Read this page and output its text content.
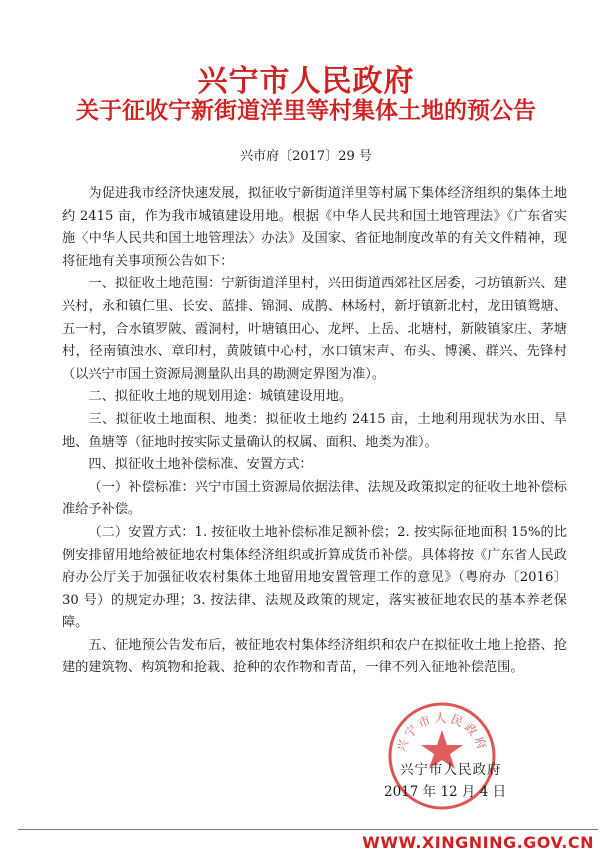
兴宁市人民政府
关于征收宁新街道洋里等村集体土地的预公告
兴市府〔2017〕29 号

为促进我市经济快速发展，拟征收宁新街道洋里等村属下集体经济组织的集体土地约 2415 亩，作为我市城镇建设用地。根据《中华人民共和国土地管理法》《广东省实施〈中华人民共和国土地管理法〉办法》及国家、省征地制度改革的有关文件精神，现将征地有关事项预公告如下：

一、拟征收土地范围：宁新街道洋里村，兴田街道西郊社区居委，刁坊镇新兴、建兴村，永和镇仁里、长安、蓝排、锦洞、成鹊、林场村，新圩镇新北村，龙田镇鸳塘、五一村，合水镇罗陂、霞洞村，叶塘镇田心、龙坪、上岳、北塘村，新陂镇家庄、茅塘村，径南镇浊水、章印村，黄陂镇中心村，水口镇宋声、布头、博溪、群兴、先锋村（以兴宁市国土资源局测量队出具的勘测定界图为准）。

二、拟征收土地的规划用途：城镇建设用地。

三、拟征收土地面积、地类：拟征收土地约 2415 亩，土地利用现状为水田、旱地、鱼塘等（征地时按实际丈量确认的权属、面积、地类为准）。

四、拟征收土地补偿标准、安置方式：

（一）补偿标准：兴宁市国土资源局依据法律、法规及政策拟定的征收土地补偿标准给予补偿。

（二）安置方式：1. 按征收土地补偿标准足额补偿；2. 按实际征地面积 15%的比例安排留用地给被征地农村集体经济组织或折算成货币补偿。具体将按《广东省人民政府办公厅关于加强征收农村集体土地留用地安置管理工作的意见》（粤府办〔2016〕30 号）的规定办理；3. 按法律、法规及政策的规定，落实被征地农民的基本养老保障。

五、征地预公告发布后，被征地农村集体经济组织和农户在拟征收土地上抢搭、抢建的建筑物、构筑物和抢栽、抢种的农作物和青苗，一律不列入征地补偿范围。

兴宁市人民政府
兴宁市人民政府
2017 年 12 月 4 日
WWW.XINGNING.GOV.CN
